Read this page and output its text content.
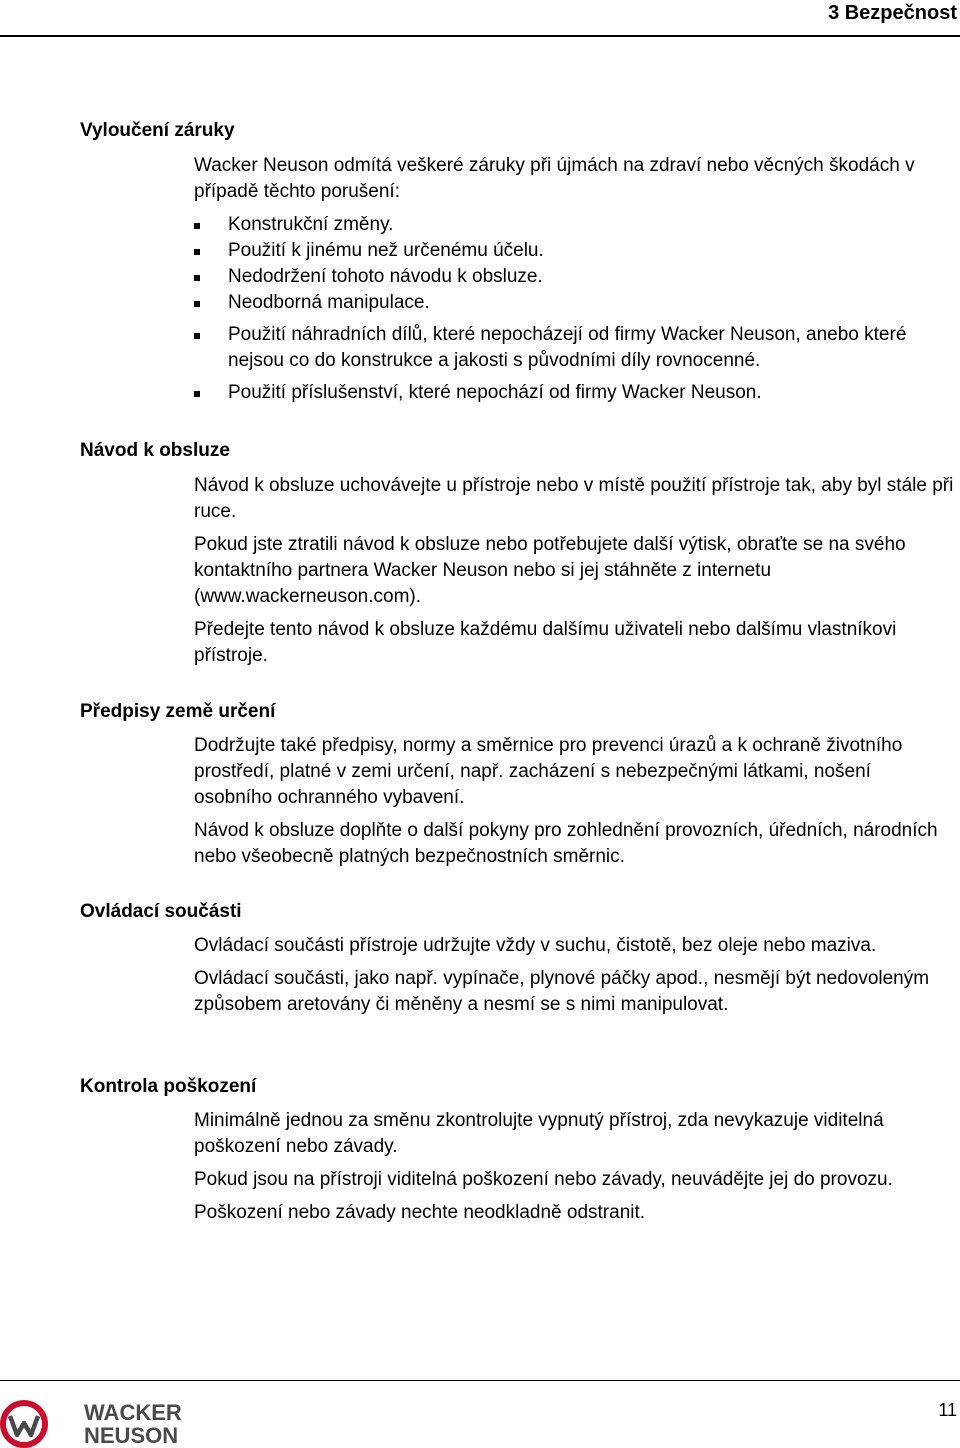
3 Bezpečnost
Vyloučení záruky

Wacker Neuson odmítá veškeré záruky při újmách na zdraví nebo věcných škodách v případě těchto porušení:

Konstrukční změny.
Použití k jinému než určenému účelu.
Nedodržení tohoto návodu k obsluze.
Neodborná manipulace.
Použití náhradních dílů, které nepocházejí od firmy Wacker Neuson, anebo které nejsou co do konstrukce a jakosti s původními díly rovnocenné.
Použití příslušenství, které nepochází od firmy Wacker Neuson.
Návod k obsluze

Návod k obsluze uchovávejte u přístroje nebo v místě použití přístroje tak, aby byl stále při ruce.

Pokud jste ztratili návod k obsluze nebo potřebujete další výtisk, obraťte se na svého kontaktního partnera Wacker Neuson nebo si jej stáhněte z internetu (www.wackerneuson.com).

Předejte tento návod k obsluze každému dalšímu uživateli nebo dalšímu vlastníkovi přístroje.

Předpisy země určení

Dodržujte také předpisy, normy a směrnice pro prevenci úrazů a k ochraně životního prostředí, platné v zemi určení, např. zacházení s nebezpečnými látkami, nošení osobního ochranného vybavení.

Návod k obsluze doplňte o další pokyny pro zohlednění provozních, úředních, národních nebo všeobecně platných bezpečnostních směrnic.

Ovládací součásti

Ovládací součásti přístroje udržujte vždy v suchu, čistotě, bez oleje nebo maziva.

Ovládací součásti, jako např. vypínače, plynové páčky apod., nesmějí být nedovoleným způsobem aretovány či měněny a nesmí se s nimi manipulovat.

Kontrola poškození

Minimálně jednou za směnu zkontrolujte vypnutý přístroj, zda nevykazuje viditelná poškození nebo závady.

Pokud jsou na přístroji viditelná poškození nebo závady, neuvádějte jej do provozu.

Poškození nebo závady nechte neodkladně odstranit.

WACKER
NEUSON
11
